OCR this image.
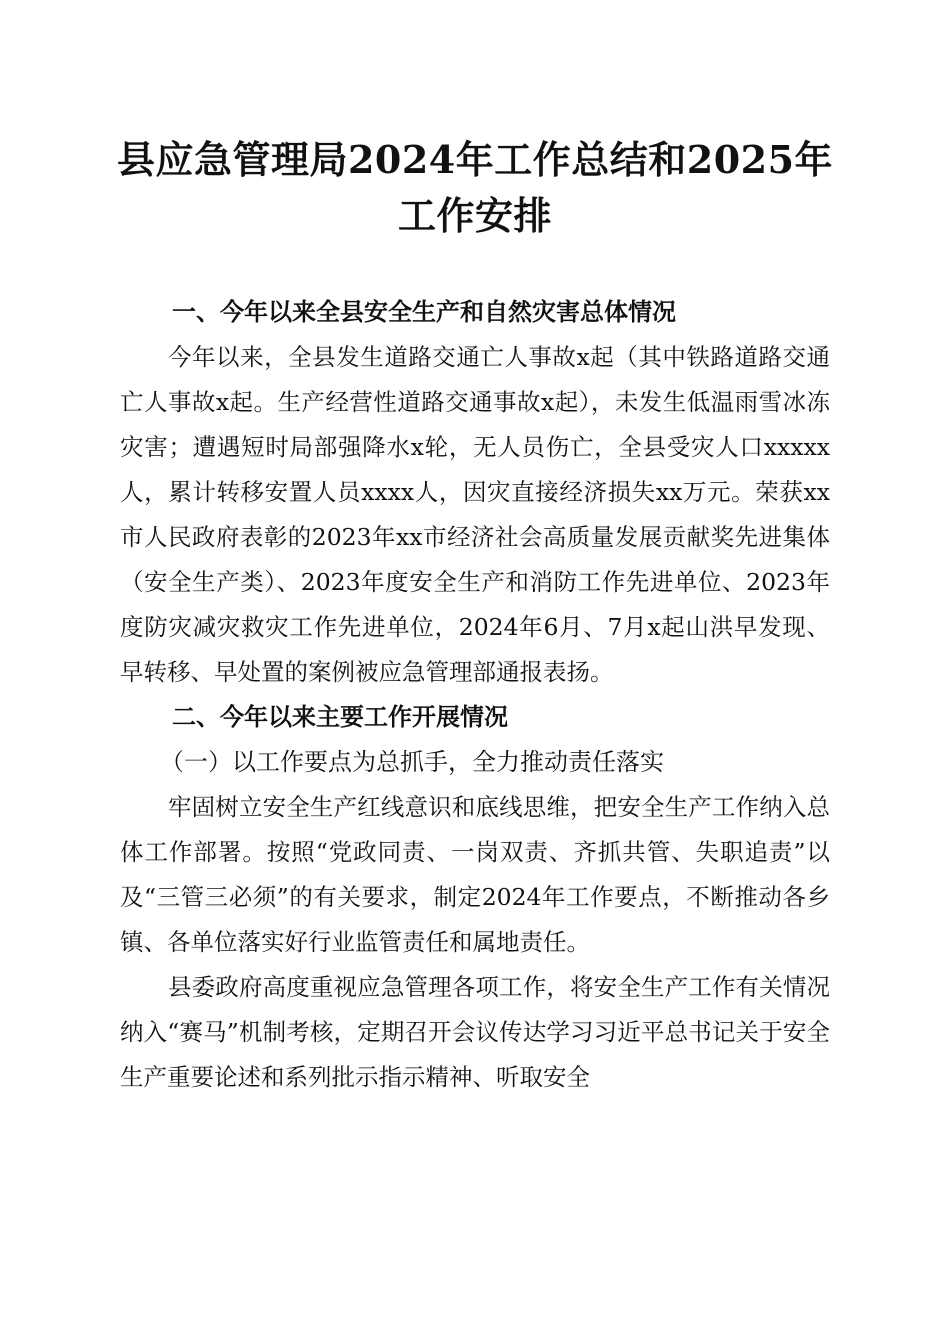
县应急管理局2024年工作总结和2025年工作安排

一、今年以来全县安全生产和自然灾害总体情况

今年以来，全县发生道路交通亡人事故x起（其中铁路道路交通亡人事故x起。生产经营性道路交通事故x起），未发生低温雨雪冰冻灾害；遭遇短时局部强降水x轮，无人员伤亡，全县受灾人口xxxxx人，累计转移安置人员xxxx人，因灾直接经济损失xx万元。荣获xx市人民政府表彰的2023年xx市经济社会高质量发展贡献奖先进集体（安全生产类）、2023年度安全生产和消防工作先进单位、2023年度防灾减灾救灾工作先进单位，2024年6月、7月x起山洪早发现、早转移、早处置的案例被应急管理部通报表扬。

二、今年以来主要工作开展情况

（一）以工作要点为总抓手，全力推动责任落实

牢固树立安全生产红线意识和底线思维，把安全生产工作纳入总体工作部署。按照“党政同责、一岗双责、齐抓共管、失职追责”以及“三管三必须”的有关要求，制定2024年工作要点，不断推动各乡镇、各单位落实好行业监管责任和属地责任。

县委政府高度重视应急管理各项工作，将安全生产工作有关情况纳入“赛马”机制考核，定期召开会议传达学习习近平总书记关于安全生产重要论述和系列批示指示精神、听取安全
